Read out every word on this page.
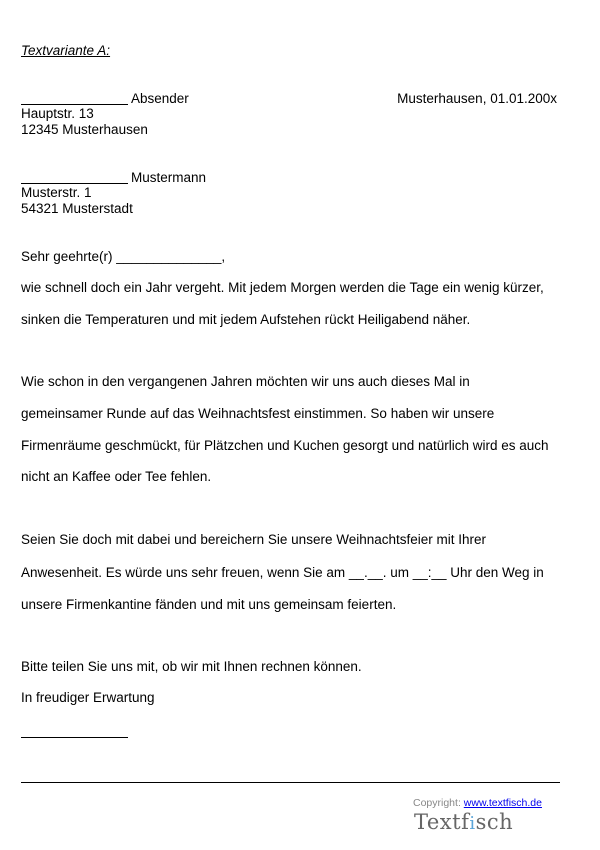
Textvariante A:
Absender	Musterhausen, 01.01.200x
Hauptstr. 13
12345 Musterhausen
Mustermann
Musterstr. 1
54321 Musterstadt
Sehr geehrte(r) ______________,
wie schnell doch ein Jahr vergeht. Mit jedem Morgen werden die Tage ein wenig kürzer,
sinken die Temperaturen und mit jedem Aufstehen rückt Heiligabend näher.
Wie schon in den vergangenen Jahren möchten wir uns auch dieses Mal in
gemeinsamer Runde auf das Weihnachtsfest einstimmen. So haben wir unsere
Firmenräume geschmückt, für Plätzchen und Kuchen gesorgt und natürlich wird es auch
nicht an Kaffee oder Tee fehlen.
Seien Sie doch mit dabei und bereichern Sie unsere Weihnachtsfeier mit Ihrer
Anwesenheit. Es würde uns sehr freuen, wenn Sie am __.__. um __:__ Uhr den Weg in
unsere Firmenkantine fänden und mit uns gemeinsam feierten.
Bitte teilen Sie uns mit, ob wir mit Ihnen rechnen können.
In freudiger Erwartung
Copyright: www.textfisch.de
Textfisch
